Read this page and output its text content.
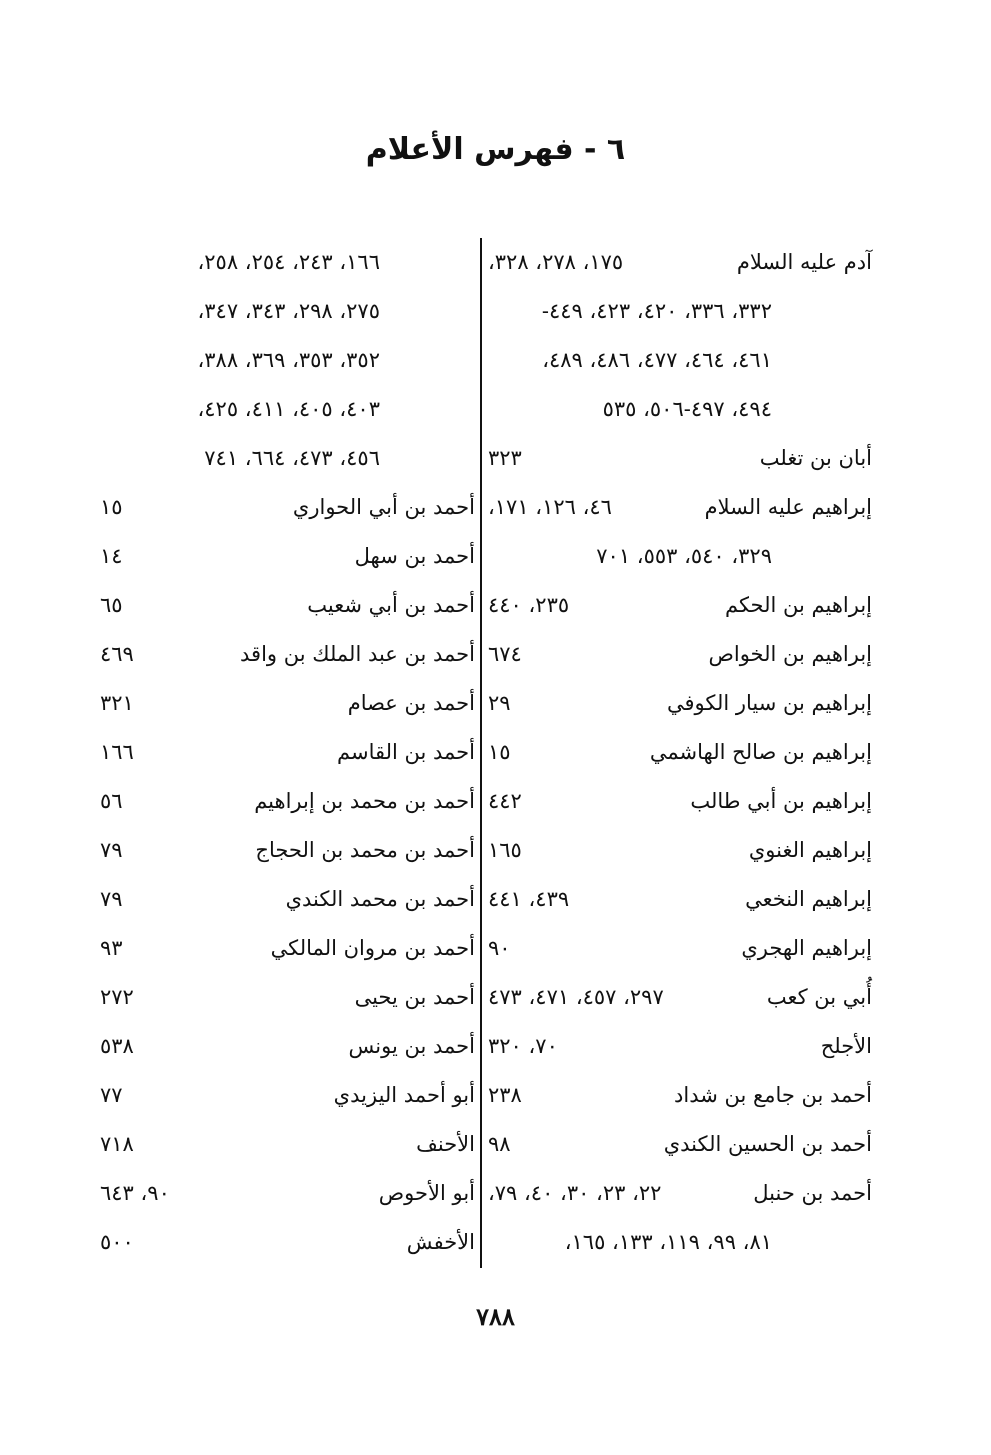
٦ - فهرس الأعلام
آدم عليه السلام
١٧٥، ٢٧٨، ٣٢٨،
٣٣٢، ٣٣٦، ٤٢٠، ٤٢٣، ٤٤٩-
٤٦١، ٤٦٤، ٤٧٧، ٤٨٦، ٤٨٩،
٤٩٤، ٤٩٧-٥٠٦، ٥٣٥
أبان بن تغلب
٣٢٣
إبراهيم عليه السلام
٤٦، ١٢٦، ١٧١،
٣٢٩، ٥٤٠، ٥٥٣، ٧٠١
إبراهيم بن الحكم
٢٣٥، ٤٤٠
إبراهيم بن الخواص
٦٧٤
إبراهيم بن سيار الكوفي
٢٩
إبراهيم بن صالح الهاشمي
١٥
إبراهيم بن أبي طالب
٤٤٢
إبراهيم الغنوي
١٦٥
إبراهيم النخعي
٤٣٩، ٤٤١
إبراهيم الهجري
٩٠
أُبي بن كعب
٢٩٧، ٤٥٧، ٤٧١، ٤٧٣
الأجلح
٧٠، ٣٢٠
أحمد بن جامع بن شداد
٢٣٨
أحمد بن الحسين الكندي
٩٨
أحمد بن حنبل
٢٢، ٢٣، ٣٠، ٤٠، ٧٩،
٨١، ٩٩، ١١٩، ١٣٣، ١٦٥،
١٦٦، ٢٤٣، ٢٥٤، ٢٥٨،
٢٧٥، ٢٩٨، ٣٤٣، ٣٤٧،
٣٥٢، ٣٥٣، ٣٦٩، ٣٨٨،
٤٠٣، ٤٠٥، ٤١١، ٤٢٥،
٤٥٦، ٤٧٣، ٦٦٤، ٧٤١
أحمد بن أبي الحواري
١٥
أحمد بن سهل
١٤
أحمد بن أبي شعيب
٦٥
أحمد بن عبد الملك بن واقد
٤٦٩
أحمد بن عصام
٣٢١
أحمد بن القاسم
١٦٦
أحمد بن محمد بن إبراهيم
٥٦
أحمد بن محمد بن الحجاج
٧٩
أحمد بن محمد الكندي
٧٩
أحمد بن مروان المالكي
٩٣
أحمد بن يحيى
٢٧٢
أحمد بن يونس
٥٣٨
أبو أحمد اليزيدي
٧٧
الأحنف
٧١٨
أبو الأحوص
٩٠، ٦٤٣
الأخفش
٥٠٠
٧٨٨
